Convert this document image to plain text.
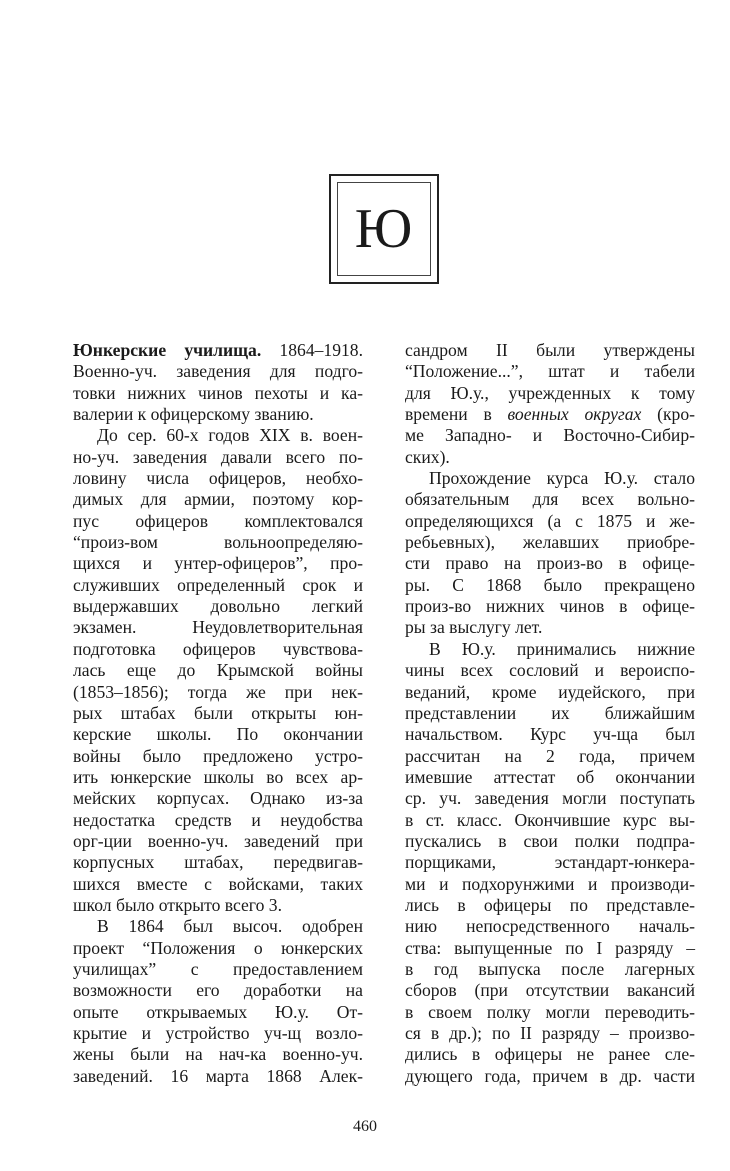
Ю
Юнкерские училища. 1864–1918.
Военно-уч. заведения для подго-
товки нижних чинов пехоты и ка-
валерии к офицерскому званию.
До сер. 60-х годов XIX в. воен-
но-уч. заведения давали всего по-
ловину числа офицеров, необхо-
димых для армии, поэтому кор-
пус офицеров комплектовался
“произ-вом вольноопределяю-
щихся и унтер-офицеров”, про-
служивших определенный срок и
выдержавших довольно легкий
экзамен. Неудовлетворительная
подготовка офицеров чувствова-
лась еще до Крымской войны
(1853–1856); тогда же при нек-
рых штабах были открыты юн-
керские школы. По окончании
войны было предложено устро-
ить юнкерские школы во всех ар-
мейских корпусах. Однако из-за
недостатка средств и неудобства
орг-ции военно-уч. заведений при
корпусных штабах, передвигав-
шихся вместе с войсками, таких
школ было открыто всего 3.
В 1864 был высоч. одобрен
проект “Положения о юнкерских
училищах” с предоставлением
возможности его доработки на
опыте открываемых Ю.у. От-
крытие и устройство уч-щ возло-
жены были на нач-ка военно-уч.
заведений. 16 марта 1868 Алек-
сандром II были утверждены
“Положение...”, штат и табели
для Ю.у., учрежденных к тому
времени в военных округах (кро-
ме Западно- и Восточно-Сибир-
ских).
Прохождение курса Ю.у. стало
обязательным для всех вольно-
определяющихся (а с 1875 и же-
ребьевных), желавших приобре-
сти право на произ-во в офице-
ры. С 1868 было прекращено
произ-во нижних чинов в офице-
ры за выслугу лет.
В Ю.у. принимались нижние
чины всех сословий и вероиспо-
веданий, кроме иудейского, при
представлении их ближайшим
начальством. Курс уч-ща был
рассчитан на 2 года, причем
имевшие аттестат об окончании
ср. уч. заведения могли поступать
в ст. класс. Окончившие курс вы-
пускались в свои полки подпра-
порщиками, эстандарт-юнкера-
ми и подхорунжими и производи-
лись в офицеры по представле-
нию непосредственного началь-
ства: выпущенные по I разряду –
в год выпуска после лагерных
сборов (при отсутствии вакансий
в своем полку могли переводить-
ся в др.); по II разряду – произво-
дились в офицеры не ранее сле-
дующего года, причем в др. части
460
